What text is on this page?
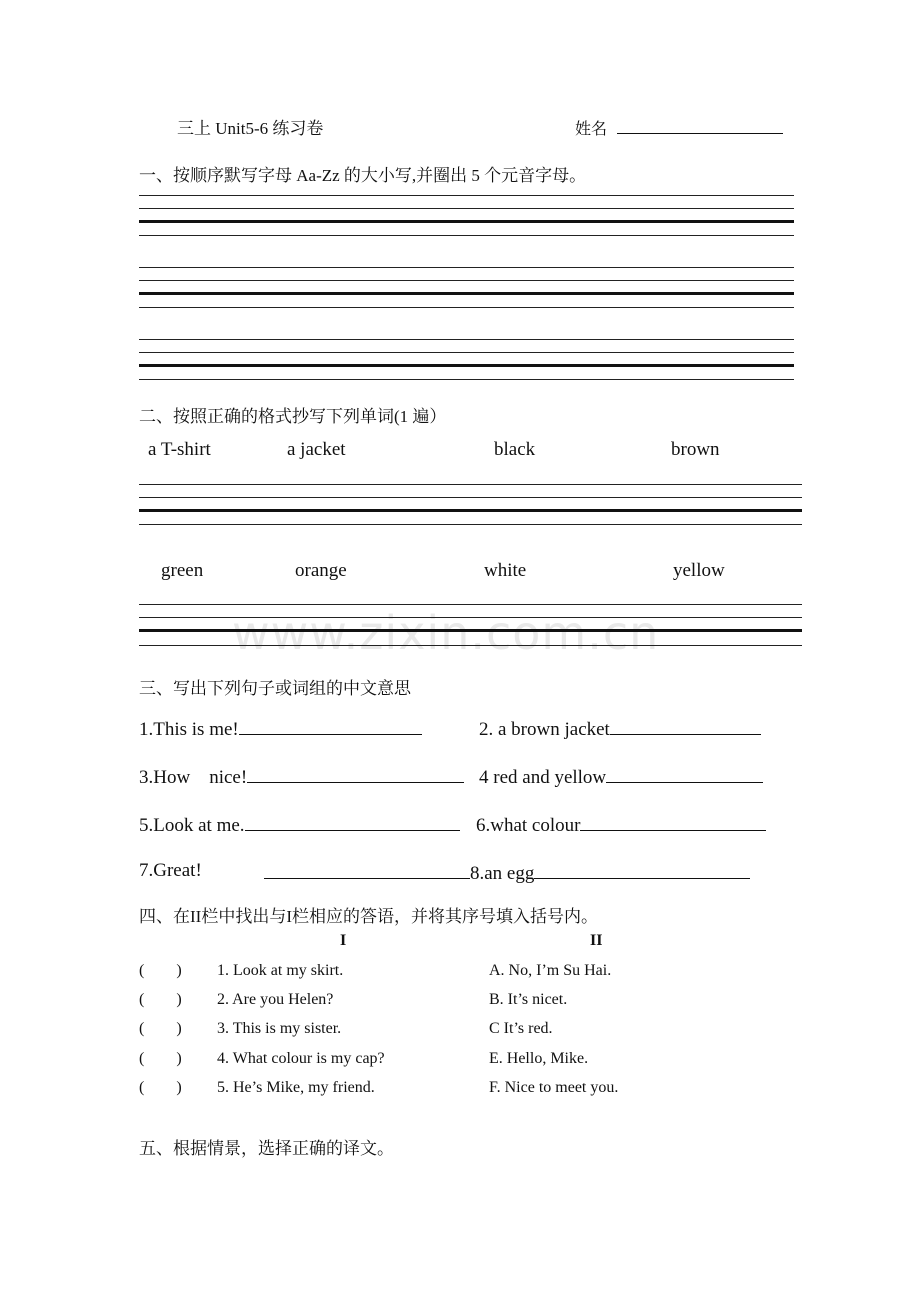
三上 Unit5-6 练习卷	姓名
一、按顺序默写字母 Aa-Zz 的大小写,并圈出 5 个元音字母。
二、按照正确的格式抄写下列单词(1 遍）
a T-shirt	a jacket	black	brown
green	orange	white	yellow
www.zixin.com.cn
三、写出下列句子或词组的中文意思
1.This is me!	2. a brown jacket
3.How    nice!	4 red and yellow
5.Look at me.	6.what colour
7.Great!	8.an egg
四、在II栏中找出与I栏相应的答语，并将其序号填入括号内。
I	II
(        ) 1. Look at my skirt.	A. No, I’m Su Hai.
(        ) 2. Are you Helen?	B. It’s nicet.
(        ) 3. This is my sister.	C It’s red.
(        ) 4. What colour is my cap?	E. Hello, Mike.
(        ) 5. He’s Mike, my friend.	F. Nice to meet you.
五、根据情景，选择正确的译文。
